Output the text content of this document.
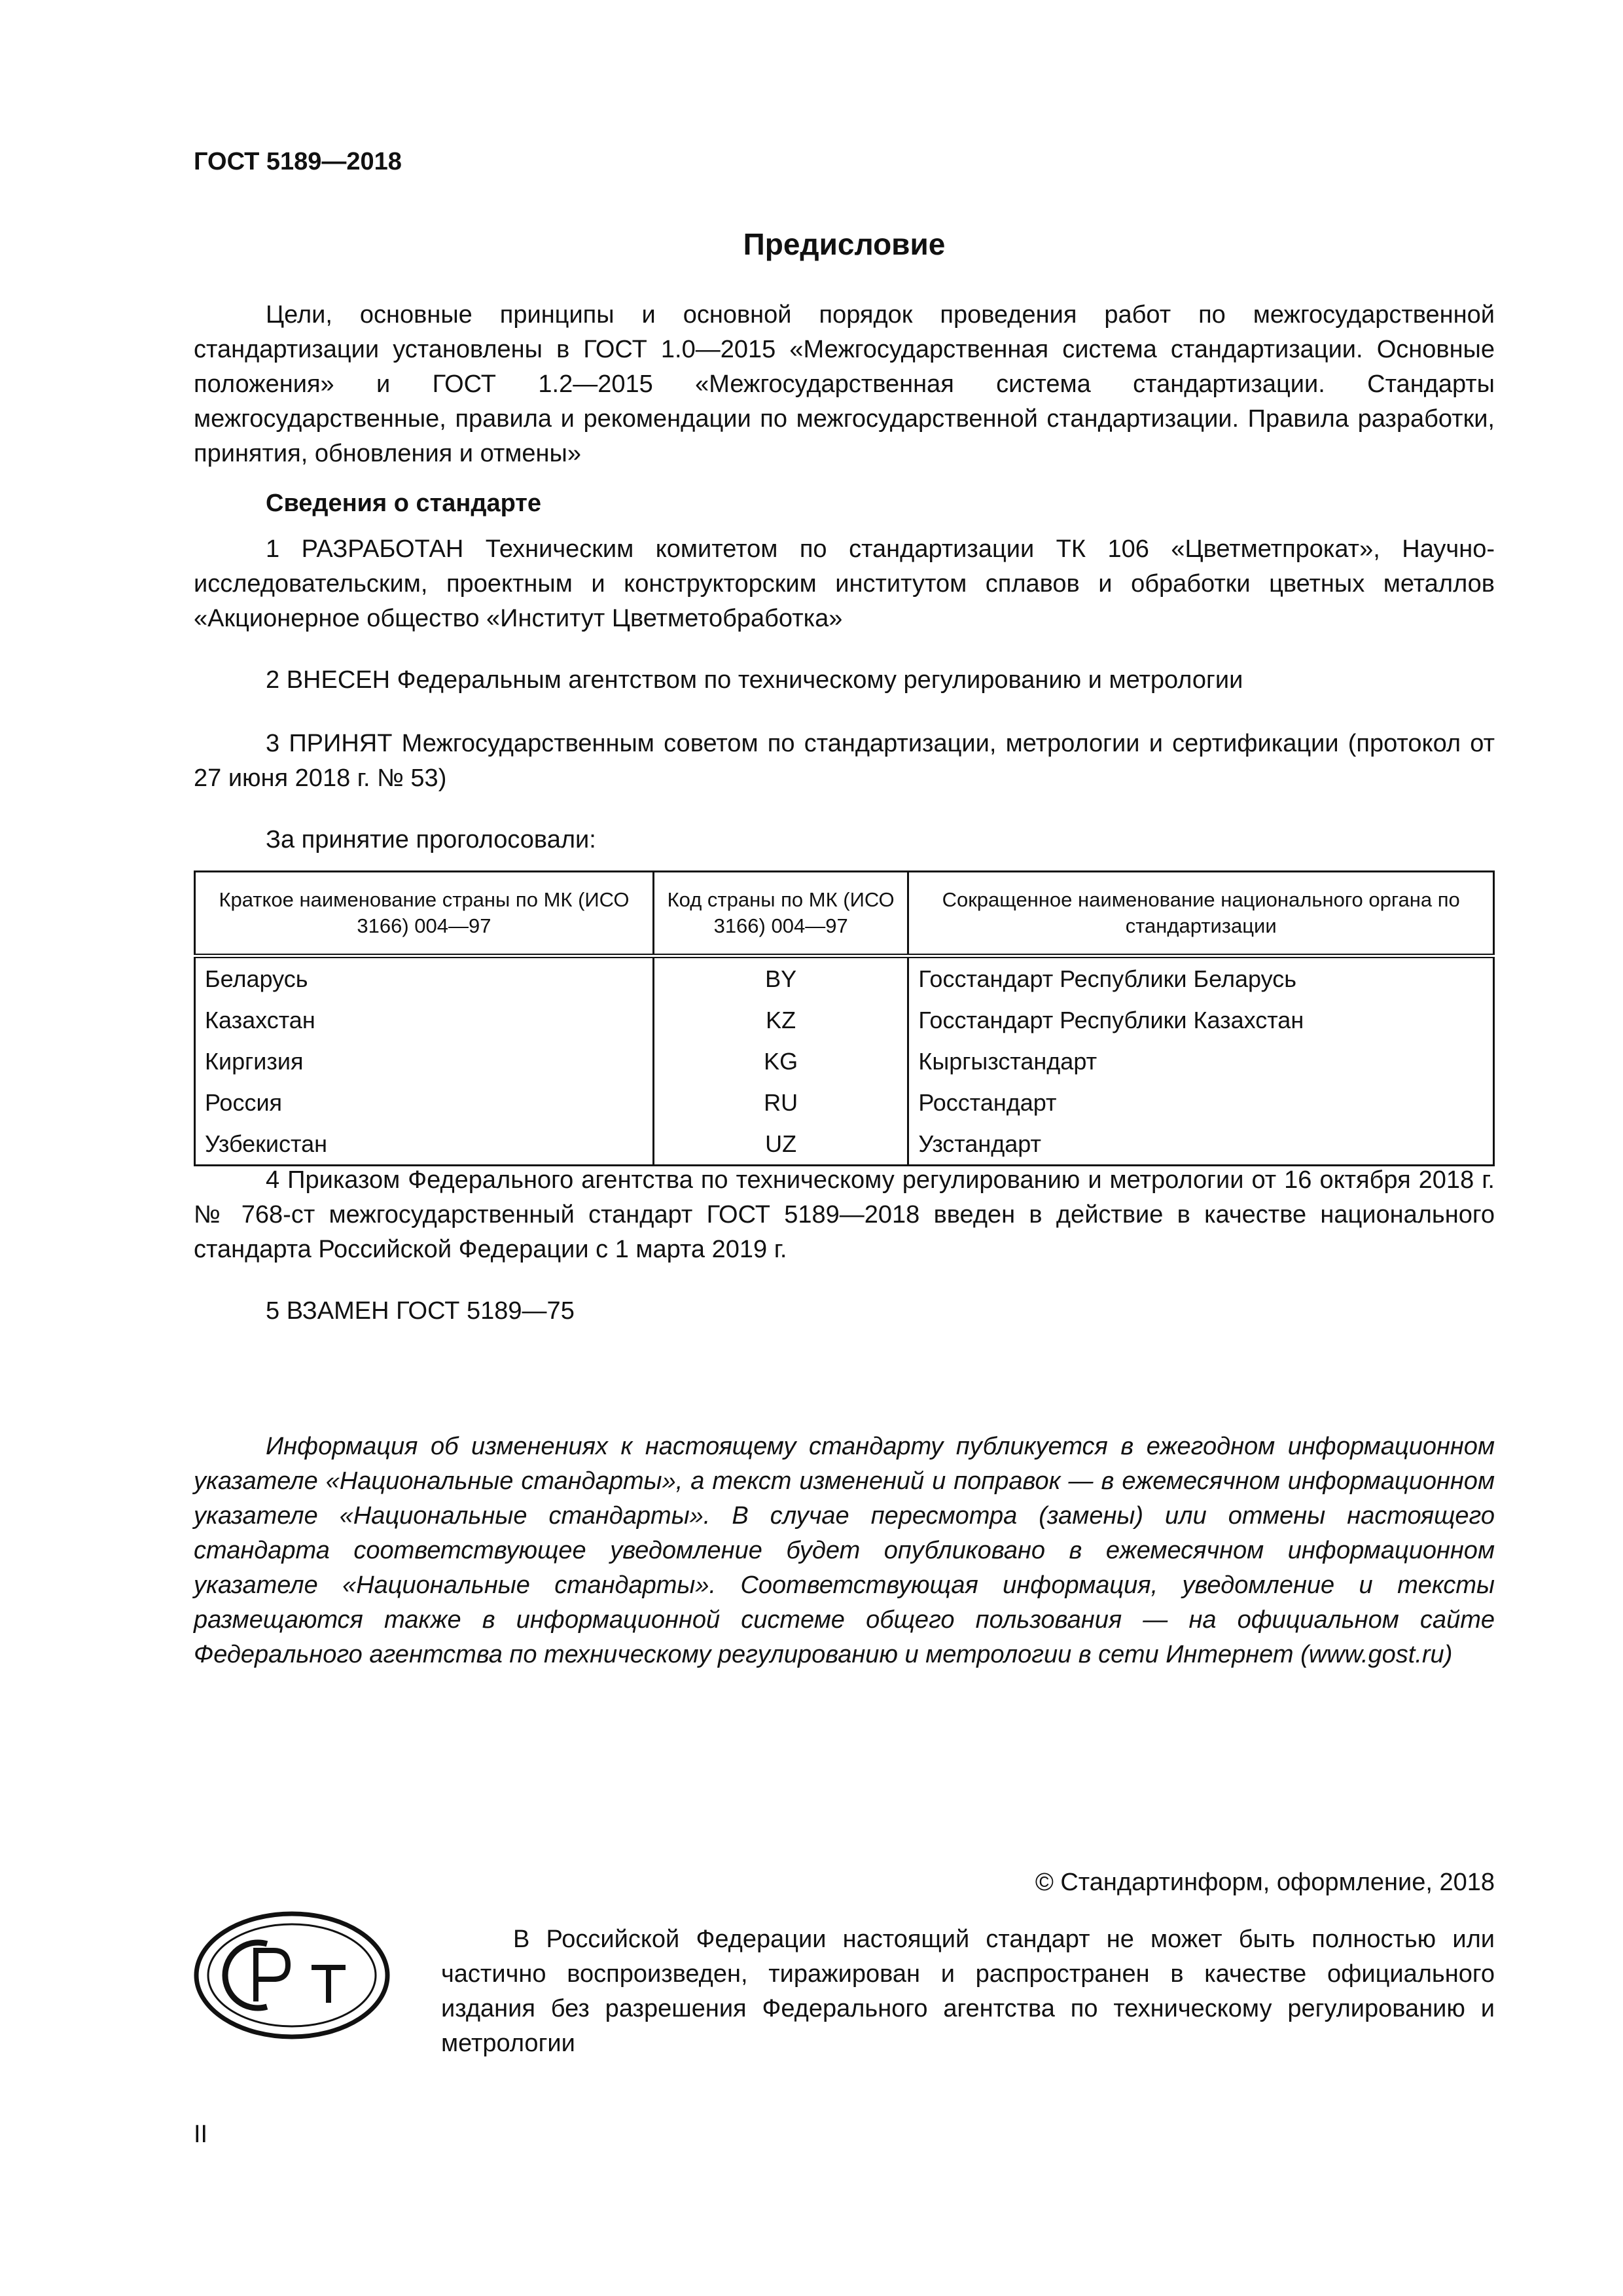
ГОСТ 5189—2018
Предисловие
Цели, основные принципы и основной порядок проведения работ по межгосударственной стандартизации установлены в ГОСТ 1.0—2015 «Межгосударственная система стандартизации. Основные положения» и ГОСТ 1.2—2015 «Межгосударственная система стандартизации. Стандарты межгосударственные, правила и рекомендации по межгосударственной стандартизации. Правила разработки, принятия, обновления и отмены»
Сведения о стандарте
1 РАЗРАБОТАН Техническим комитетом по стандартизации ТК 106 «Цветметпрокат», Научно-исследовательским, проектным и конструкторским институтом сплавов и обработки цветных металлов «Акционерное общество «Институт Цветметобработка»
2 ВНЕСЕН Федеральным агентством по техническому регулированию и метрологии
3 ПРИНЯТ Межгосударственным советом по стандартизации, метрологии и сертификации (протокол от 27 июня 2018 г. № 53)
За принятие проголосовали:
Краткое наименование страны по МК (ИСО 3166) 004—97	Код страны по МК (ИСО 3166) 004—97	Сокращенное наименование национального органа по стандартизации
Беларусь	BY	Госстандарт Республики Беларусь
Казахстан	KZ	Госстандарт Республики Казахстан
Киргизия	KG	Кыргызстандарт
Россия	RU	Росстандарт
Узбекистан	UZ	Узстандарт
4 Приказом Федерального агентства по техническому регулированию и метрологии от 16 октября 2018 г. № 768-ст межгосударственный стандарт ГОСТ 5189—2018 введен в действие в качестве национального стандарта Российской Федерации с 1 марта 2019 г.
5 ВЗАМЕН ГОСТ 5189—75
Информация об изменениях к настоящему стандарту публикуется в ежегодном информационном указателе «Национальные стандарты», а текст изменений и поправок — в ежемесячном информационном указателе «Национальные стандарты». В случае пересмотра (замены) или отмены настоящего стандарта соответствующее уведомление будет опубликовано в ежемесячном информационном указателе «Национальные стандарты». Соответствующая информация, уведомление и тексты размещаются также в информационной системе общего пользования — на официальном сайте Федерального агентства по техническому регулированию и метрологии в сети Интернет (www.gost.ru)
© Стандартинформ, оформление, 2018
В Российской Федерации настоящий стандарт не может быть полностью или частично воспроизведен, тиражирован и распространен в качестве официального издания без разрешения Федерального агентства по техническому регулированию и метрологии
II
